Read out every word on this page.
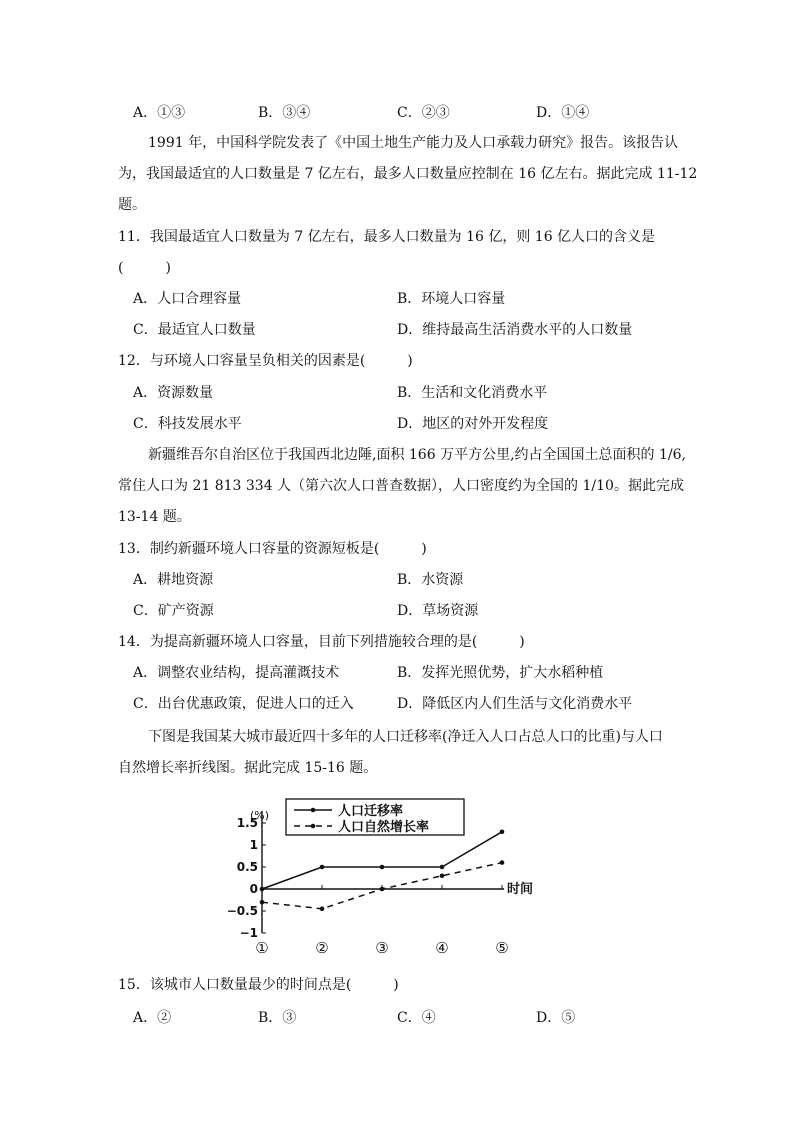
A．①③	B．③④	C．②③	D．①④
1991 年，中国科学院发表了《中国土地生产能力及人口承载力研究》报告。该报告认
为，我国最适宜的人口数量是 7 亿左右，最多人口数量应控制在 16 亿左右。据此完成 11-12
题。
11．我国最适宜人口数量为 7 亿左右，最多人口数量为 16 亿，则 16 亿人口的含义是
(　　　)
A．人口合理容量	B．环境人口容量
C．最适宜人口数量	D．维持最高生活消费水平的人口数量
12．与环境人口容量呈负相关的因素是(　　　)
A．资源数量	B．生活和文化消费水平
C．科技发展水平	D．地区的对外开发程度
新疆维吾尔自治区位于我国西北边陲,面积 166 万平方公里,约占全国国土总面积的 1/6,
常住人口为 21 813 334 人（第六次人口普查数据），人口密度约为全国的 1/10。据此完成
13-14 题。
13．制约新疆环境人口容量的资源短板是(　　　)
A．耕地资源	B．水资源
C．矿产资源	D．草场资源
14．为提高新疆环境人口容量，目前下列措施较合理的是(　　　)
A．调整农业结构，提高灌溉技术	B．发挥光照优势，扩大水稻种植
C．出台优惠政策，促进人口的迁入	D．降低区内人们生活与文化消费水平
下图是我国某大城市最近四十多年的人口迁移率(净迁入人口占总人口的比重)与人口
自然增长率折线图。据此完成 15-16 题。
(%)
时间
1.5
1
0.5
0
−0.5
−1
①	②	③	④	⑤
人口迁移率
人口自然增长率
15．该城市人口数量最少的时间点是(　　　)
A．②	B．③	C．④	D．⑤
